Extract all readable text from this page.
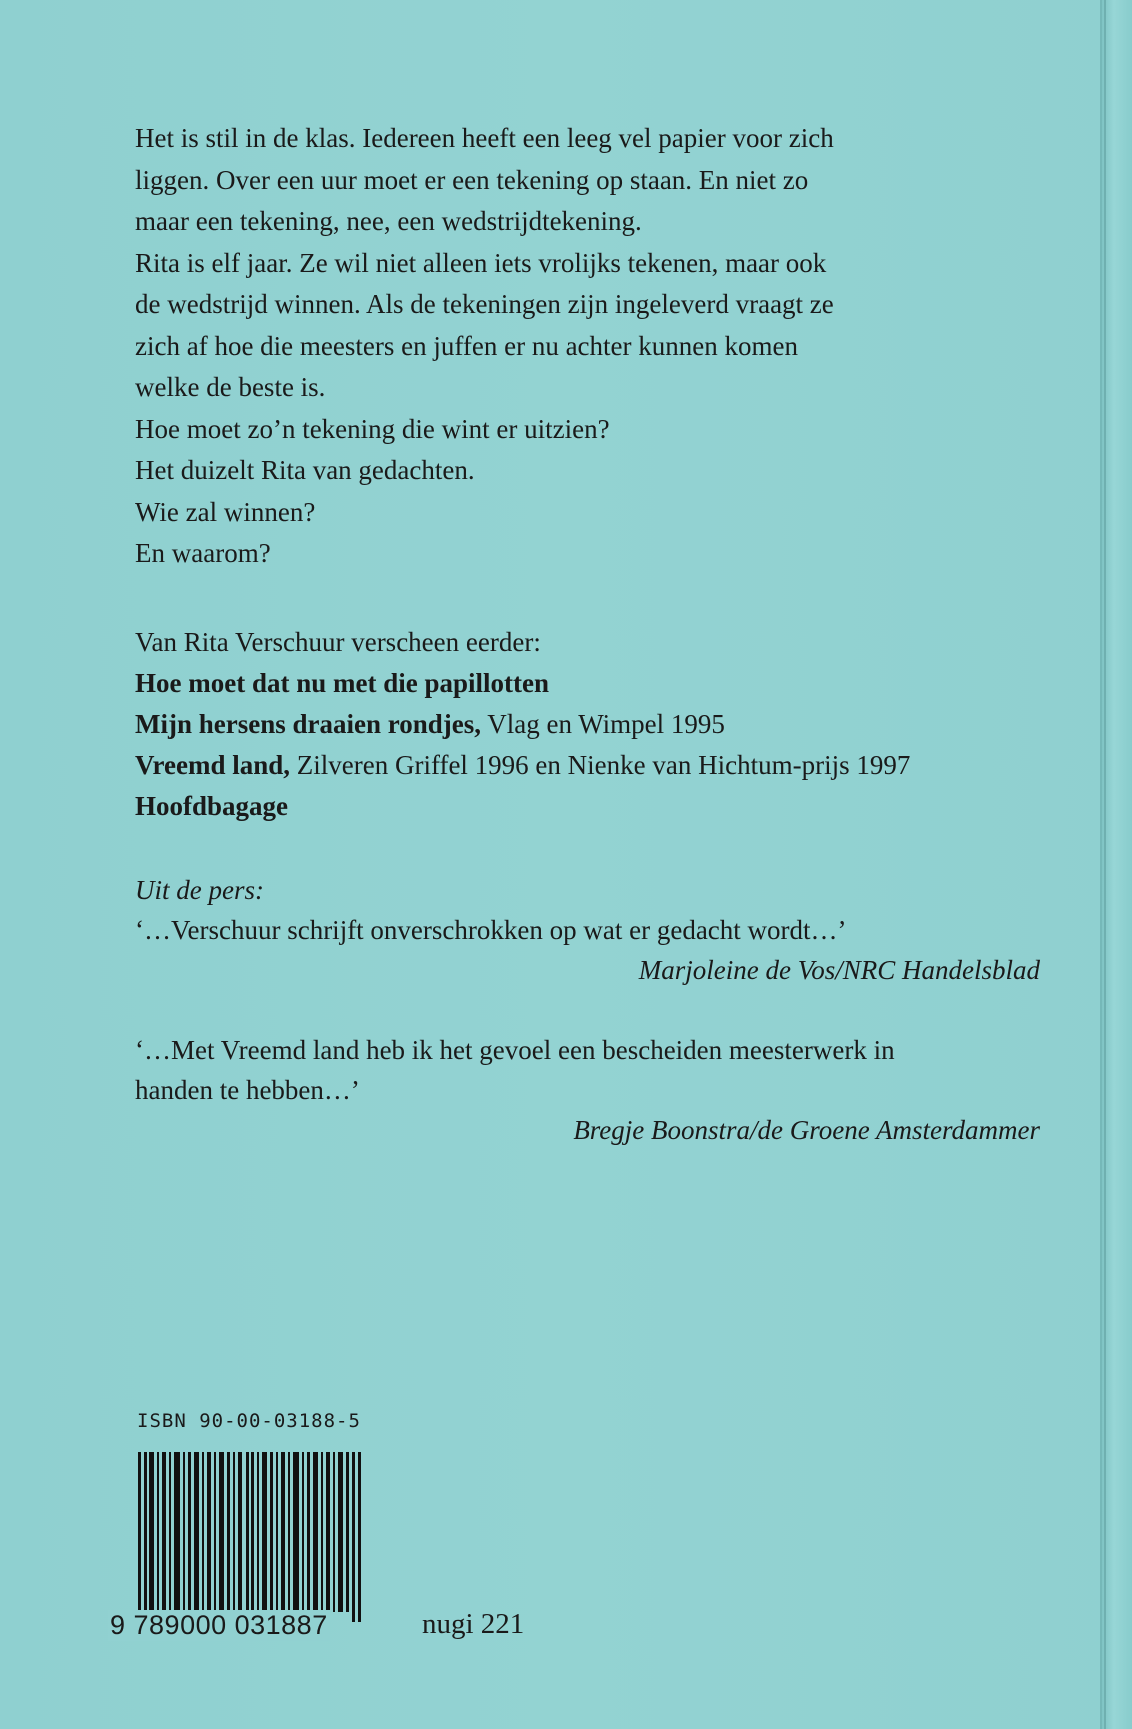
Het is stil in de klas. Iedereen heeft een leeg vel papier voor zich

liggen. Over een uur moet er een tekening op staan. En niet zo

maar een tekening, nee, een wedstrijdtekening.

Rita is elf jaar. Ze wil niet alleen iets vrolijks tekenen, maar ook

de wedstrijd winnen. Als de tekeningen zijn ingeleverd vraagt ze

zich af hoe die meesters en juffen er nu achter kunnen komen

welke de beste is.

Hoe moet zo’n tekening die wint er uitzien?

Het duizelt Rita van gedachten.

Wie zal winnen?

En waarom?

Van Rita Verschuur verscheen eerder:

Hoe moet dat nu met die papillotten

Mijn hersens draaien rondjes, Vlag en Wimpel 1995

Vreemd land, Zilveren Griffel 1996 en Nienke van Hichtum-prijs 1997

Hoofdbagage

Uit de pers:

‘…Verschuur schrijft onverschrokken op wat er gedacht wordt…’

Marjoleine de Vos/NRC Handelsblad

‘…Met Vreemd land heb ik het gevoel een bescheiden meesterwerk in

handen te hebben…’

Bregje Boonstra/de Groene Amsterdammer

ISBN 90-00-03188-5
9 789000 031887	nugi 221
